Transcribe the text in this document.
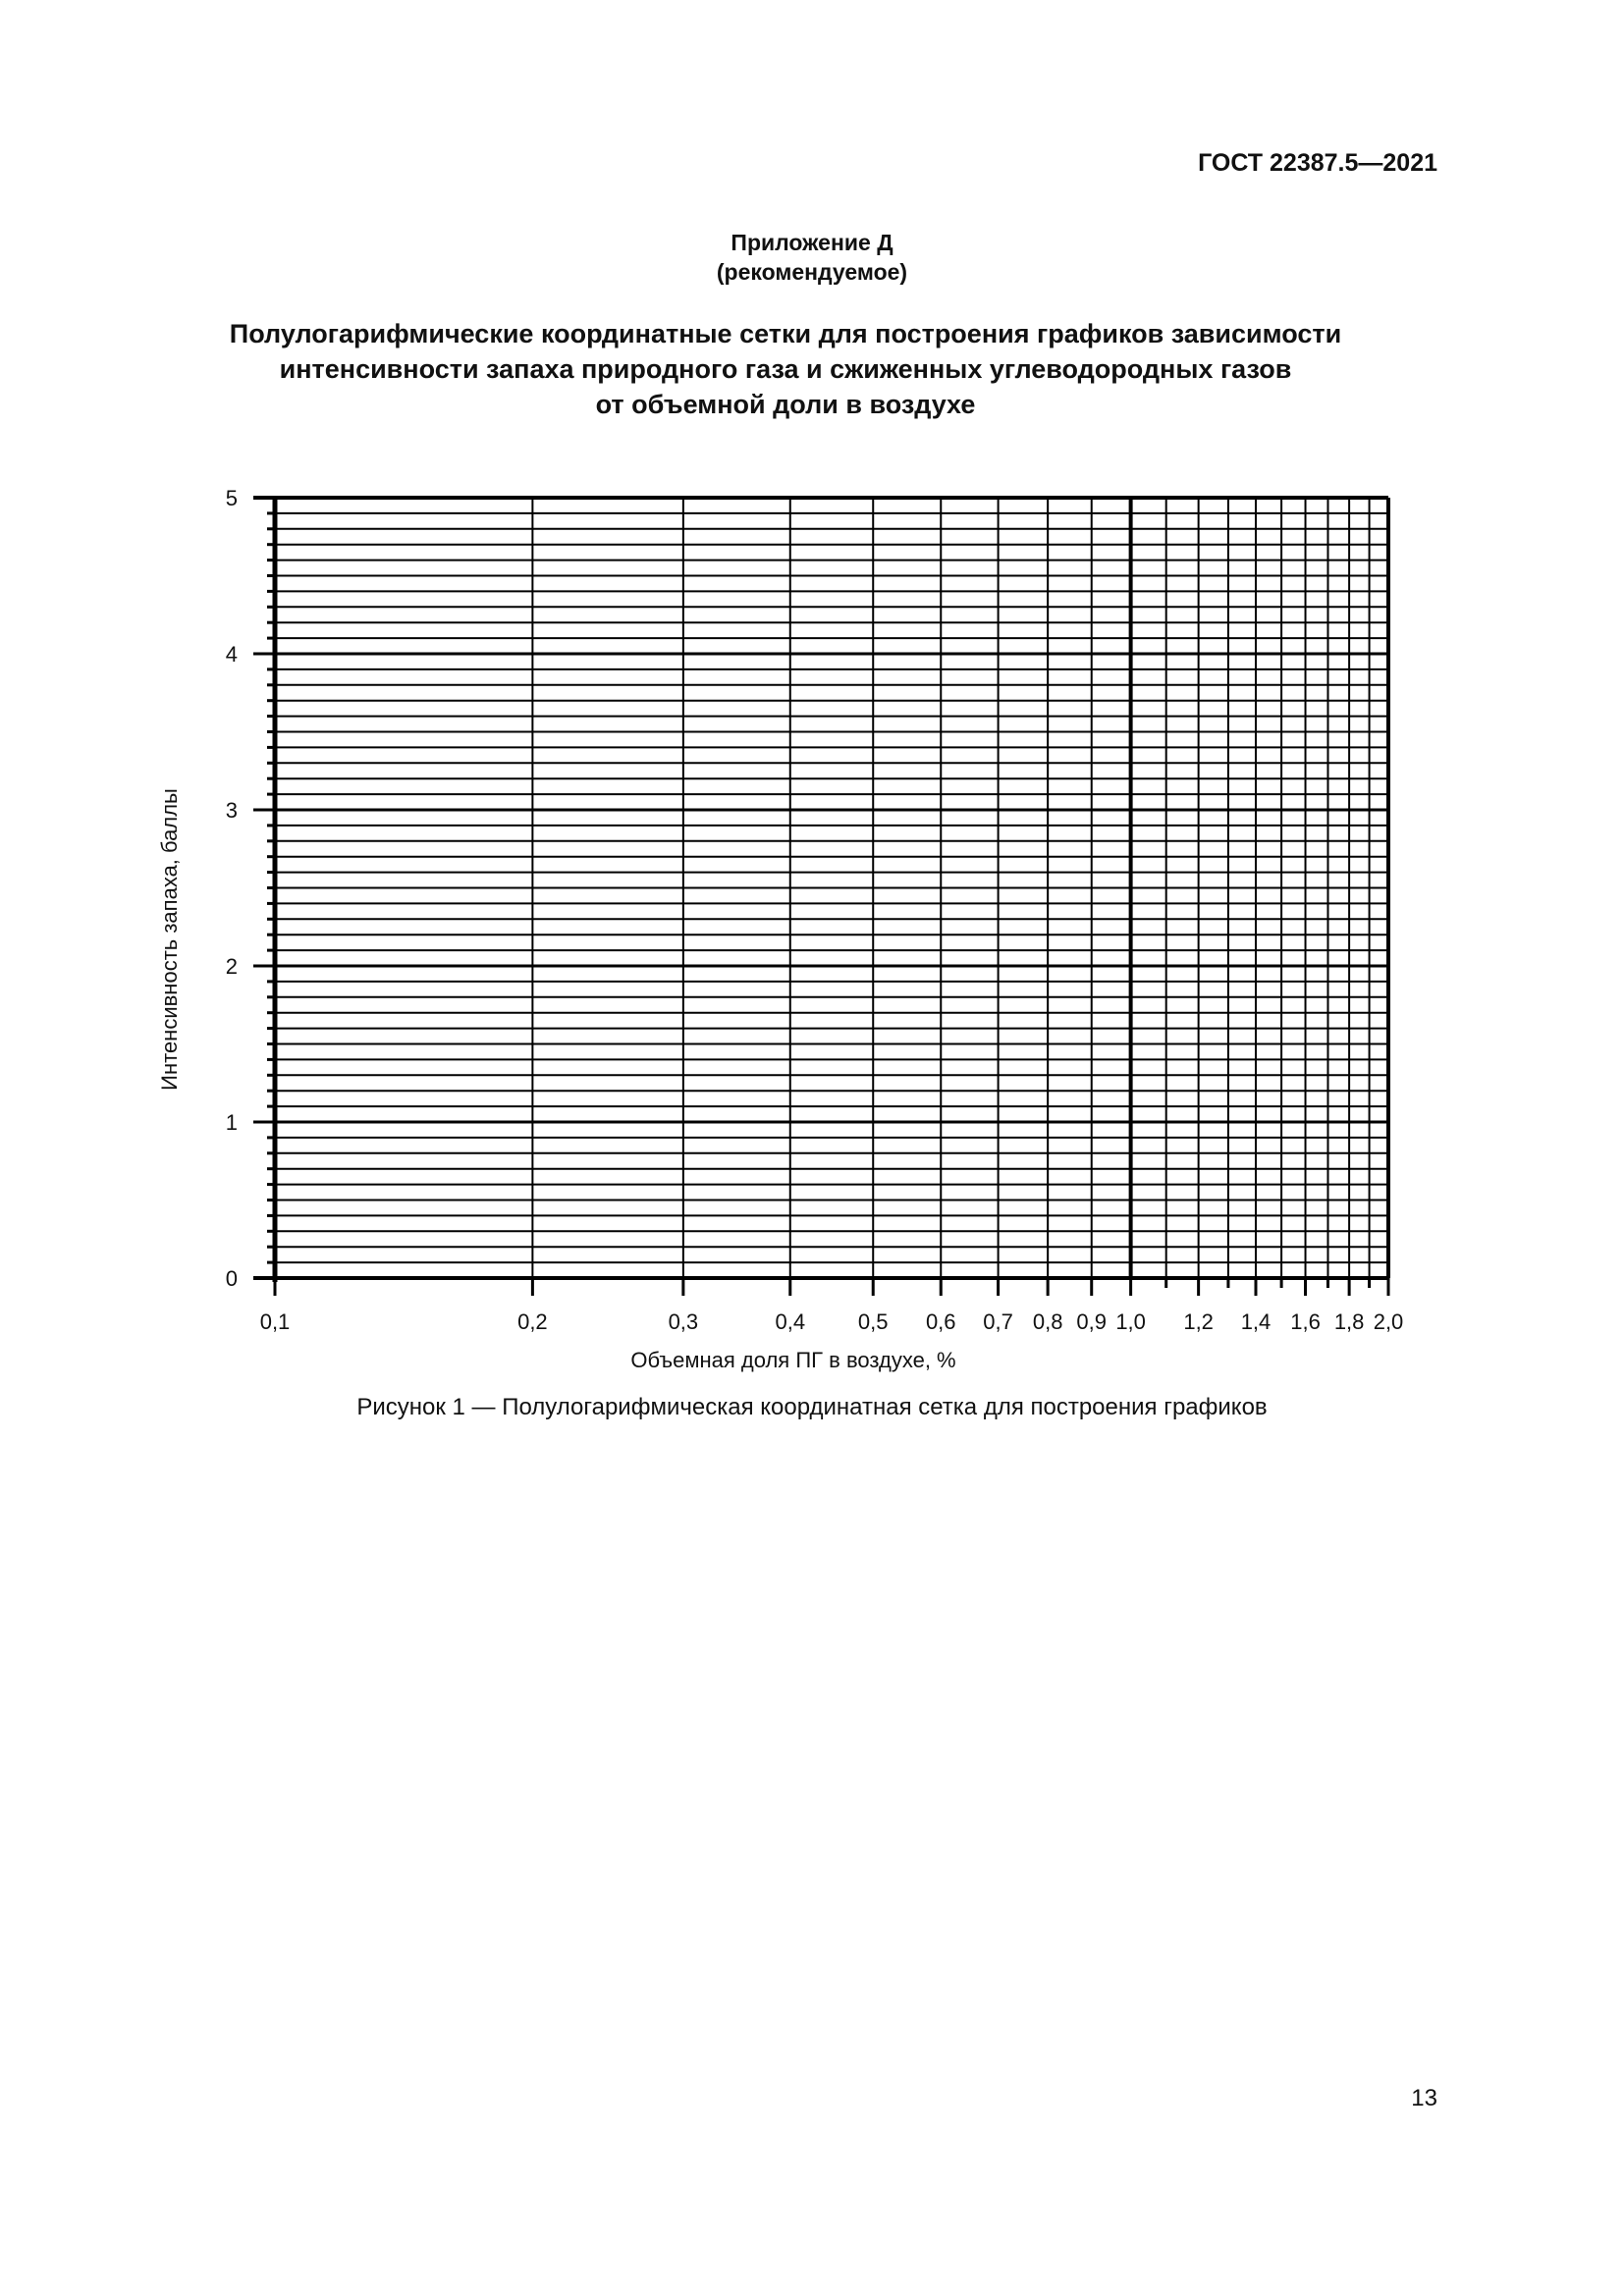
ГОСТ 22387.5—2021
Приложение Д
(рекомендуемое)
Полулогарифмические координатные сетки для построения графиков зависимости
интенсивности запаха природного газа и сжиженных углеводородных газов
от объемной доли в воздухе
0
1
2
3
4
5
0,1	0,2	0,3	0,4 0,5 0,6 0,7 0,8 0,9 1,0 1,2 1,4 1,6 1,8 2,0
Объемная доля ПГ в воздухе, %
Интенсивность запаха, баллы
Рисунок 1 — Полулогарифмическая координатная сетка для построения графиков
13
